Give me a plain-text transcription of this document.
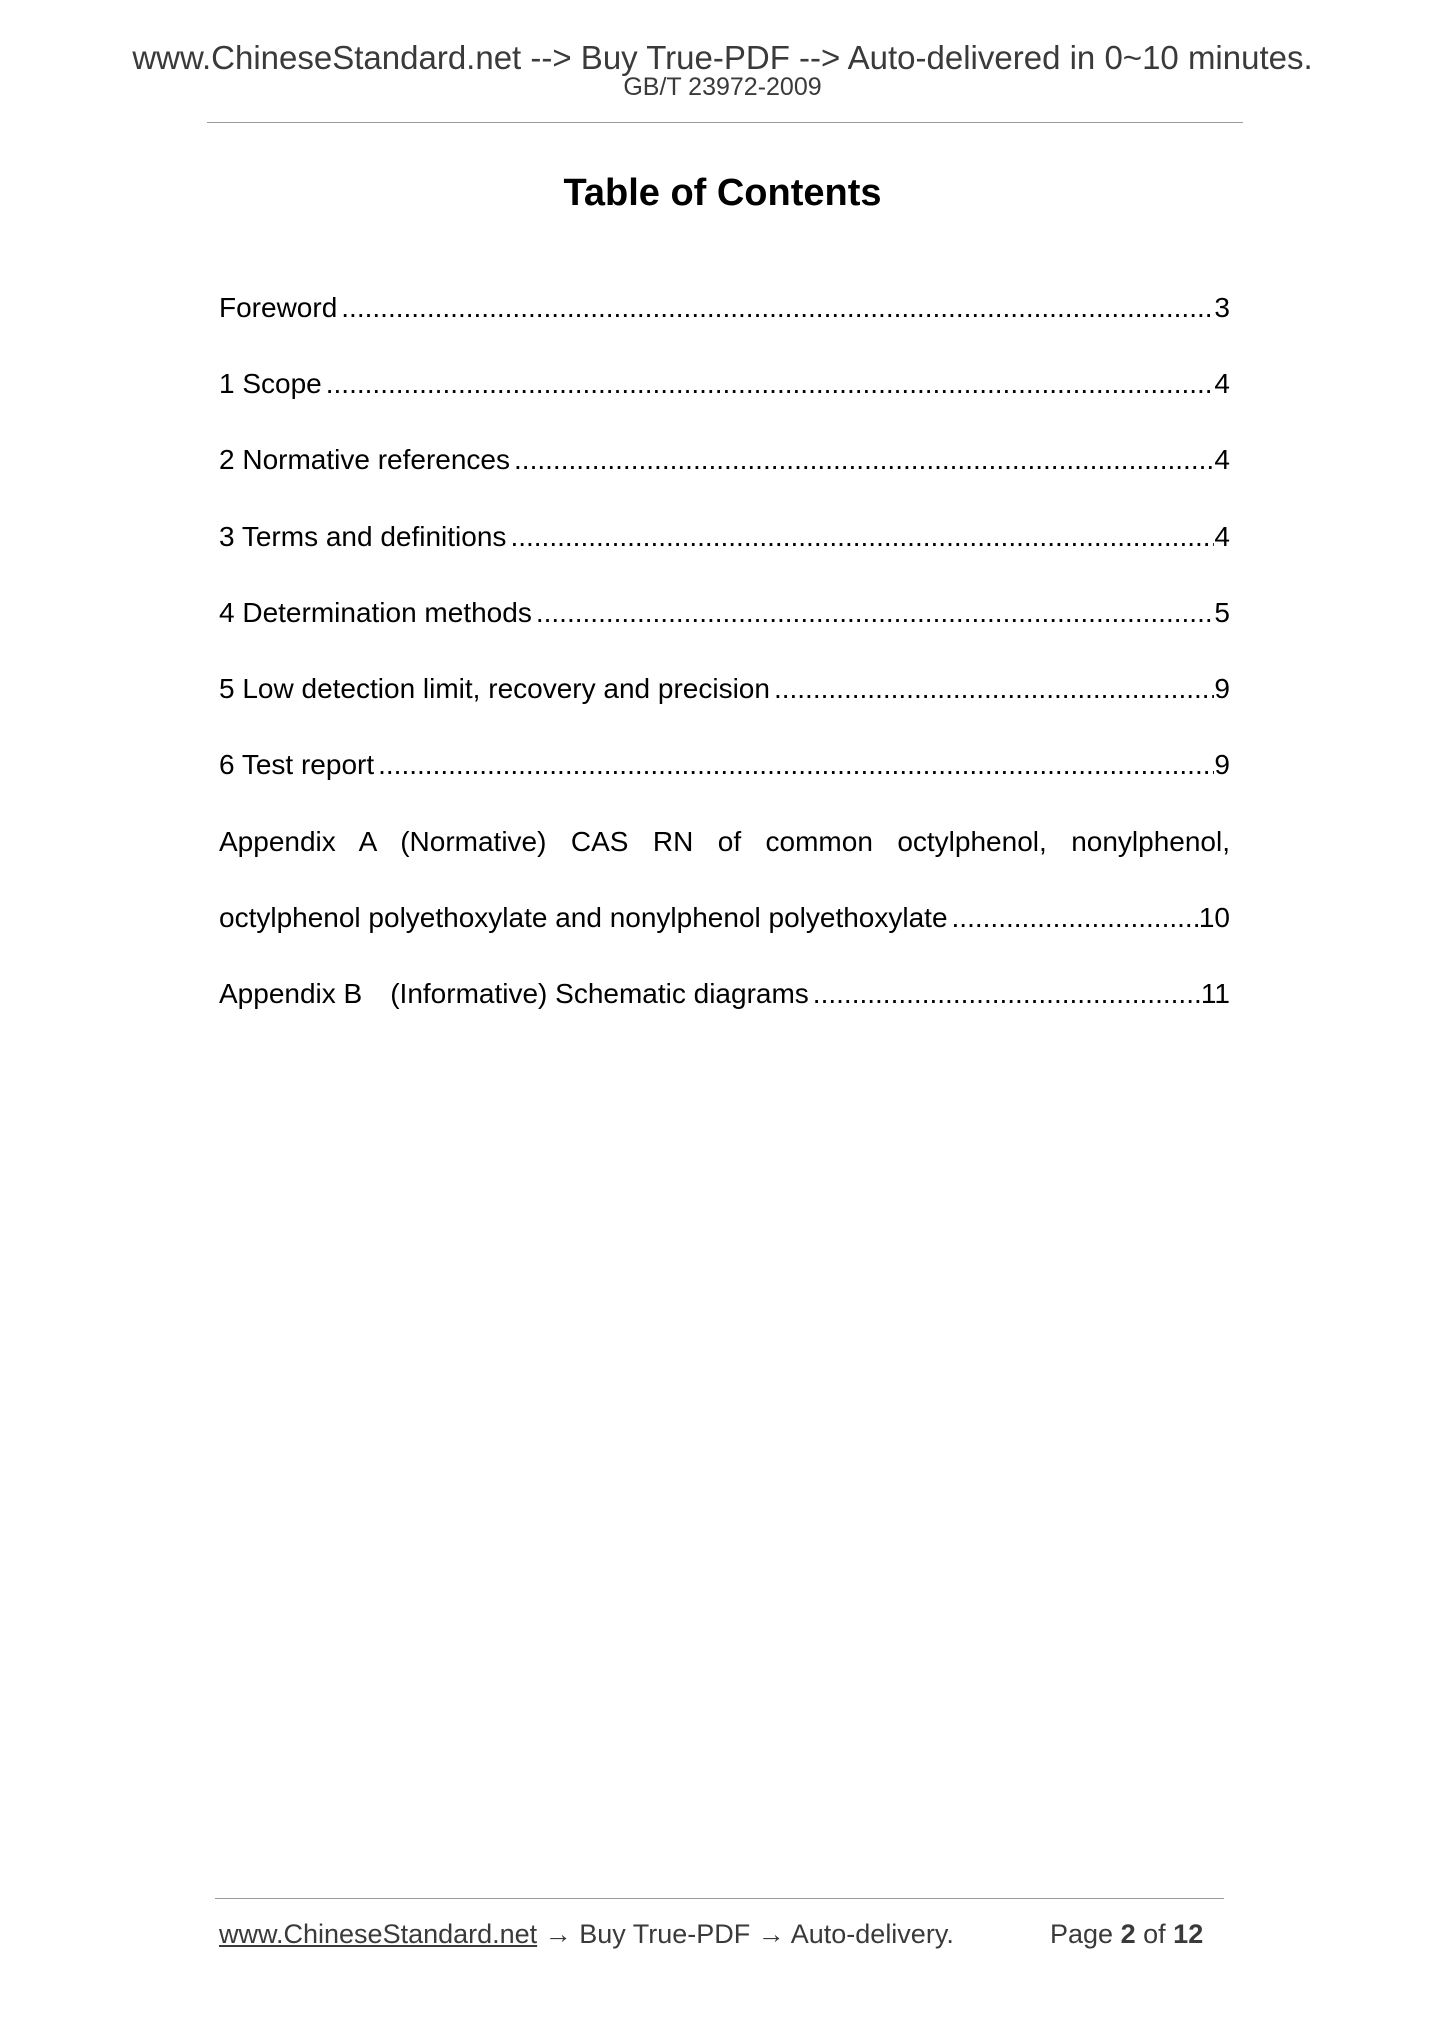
www.ChineseStandard.net --> Buy True-PDF --> Auto-delivered in 0~10 minutes.
GB/T 23972-2009
Table of Contents
Foreword .....	3
1 Scope .....	4
2 Normative references .....	4
3 Terms and definitions .....	4
4 Determination methods .....	5
5 Low detection limit, recovery and precision .....	9
6 Test report .....	9
Appendix A (Normative) CAS RN of common octylphenol, nonylphenol,
octylphenol polyethoxylate and nonylphenol polyethoxylate .....	10
Appendix B　(Informative) Schematic diagrams .....	11
www.ChineseStandard.net → Buy True-PDF → Auto-delivery.	Page 2 of 12
